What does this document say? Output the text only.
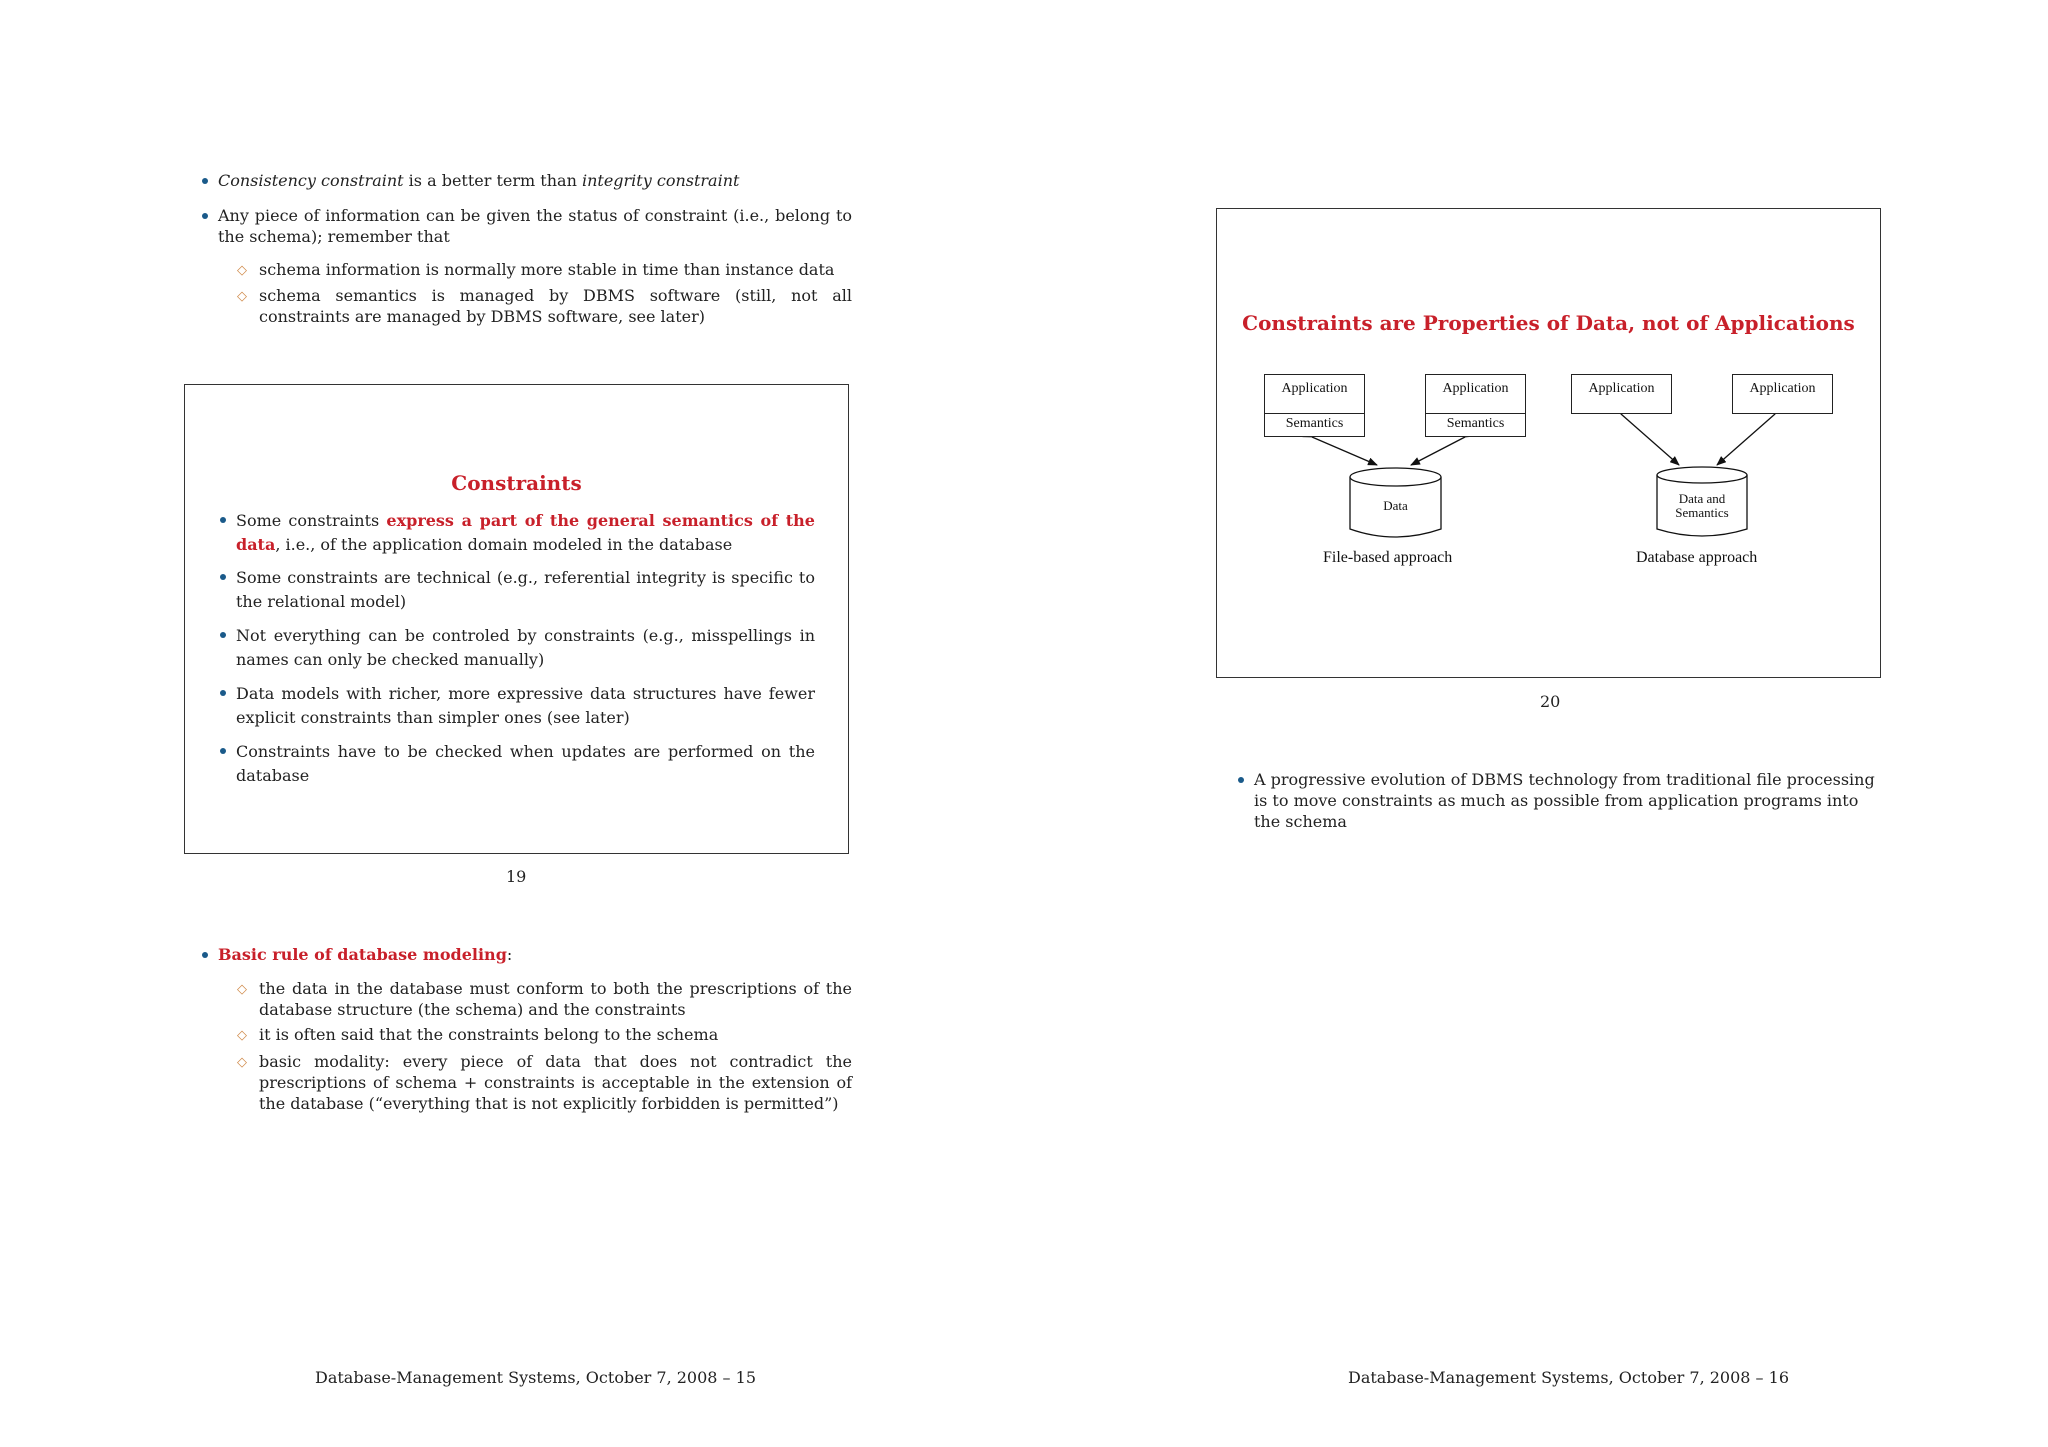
Consistency constraint is a better term than integrity constraint
Any piece of information can be given the status of constraint (i.e., belong to the schema); remember that
◇ schema information is normally more stable in time than instance data
◇ schema semantics is managed by DBMS software (still, not all constraints are managed by DBMS software, see later)
Constraints
Some constraints express a part of the general semantics of the data, i.e., of the application domain modeled in the database
Some constraints are technical (e.g., referential integrity is specific to the relational model)
Not everything can be controled by constraints (e.g., misspellings in names can only be checked manually)
Data models with richer, more expressive data structures have fewer explicit constraints than simpler ones (see later)
Constraints have to be checked when updates are performed on the database
19
Basic rule of database modeling:
◇ the data in the database must conform to both the prescriptions of the database structure (the schema) and the constraints
◇ it is often said that the constraints belong to the schema
◇ basic modality: every piece of data that does not contradict the prescriptions of schema + constraints is acceptable in the extension of the database (“everything that is not explicitly forbidden is permitted”)
Database-Management Systems, October 7, 2008 – 15
Constraints are Properties of Data, not of Applications
Application
Semantics
Application
Semantics
Application	Application
Data	Data and
Semantics
File-based approach	Database approach
20
A progressive evolution of DBMS technology from traditional file processing is to move constraints as much as possible from application programs into the schema
Database-Management Systems, October 7, 2008 – 16
